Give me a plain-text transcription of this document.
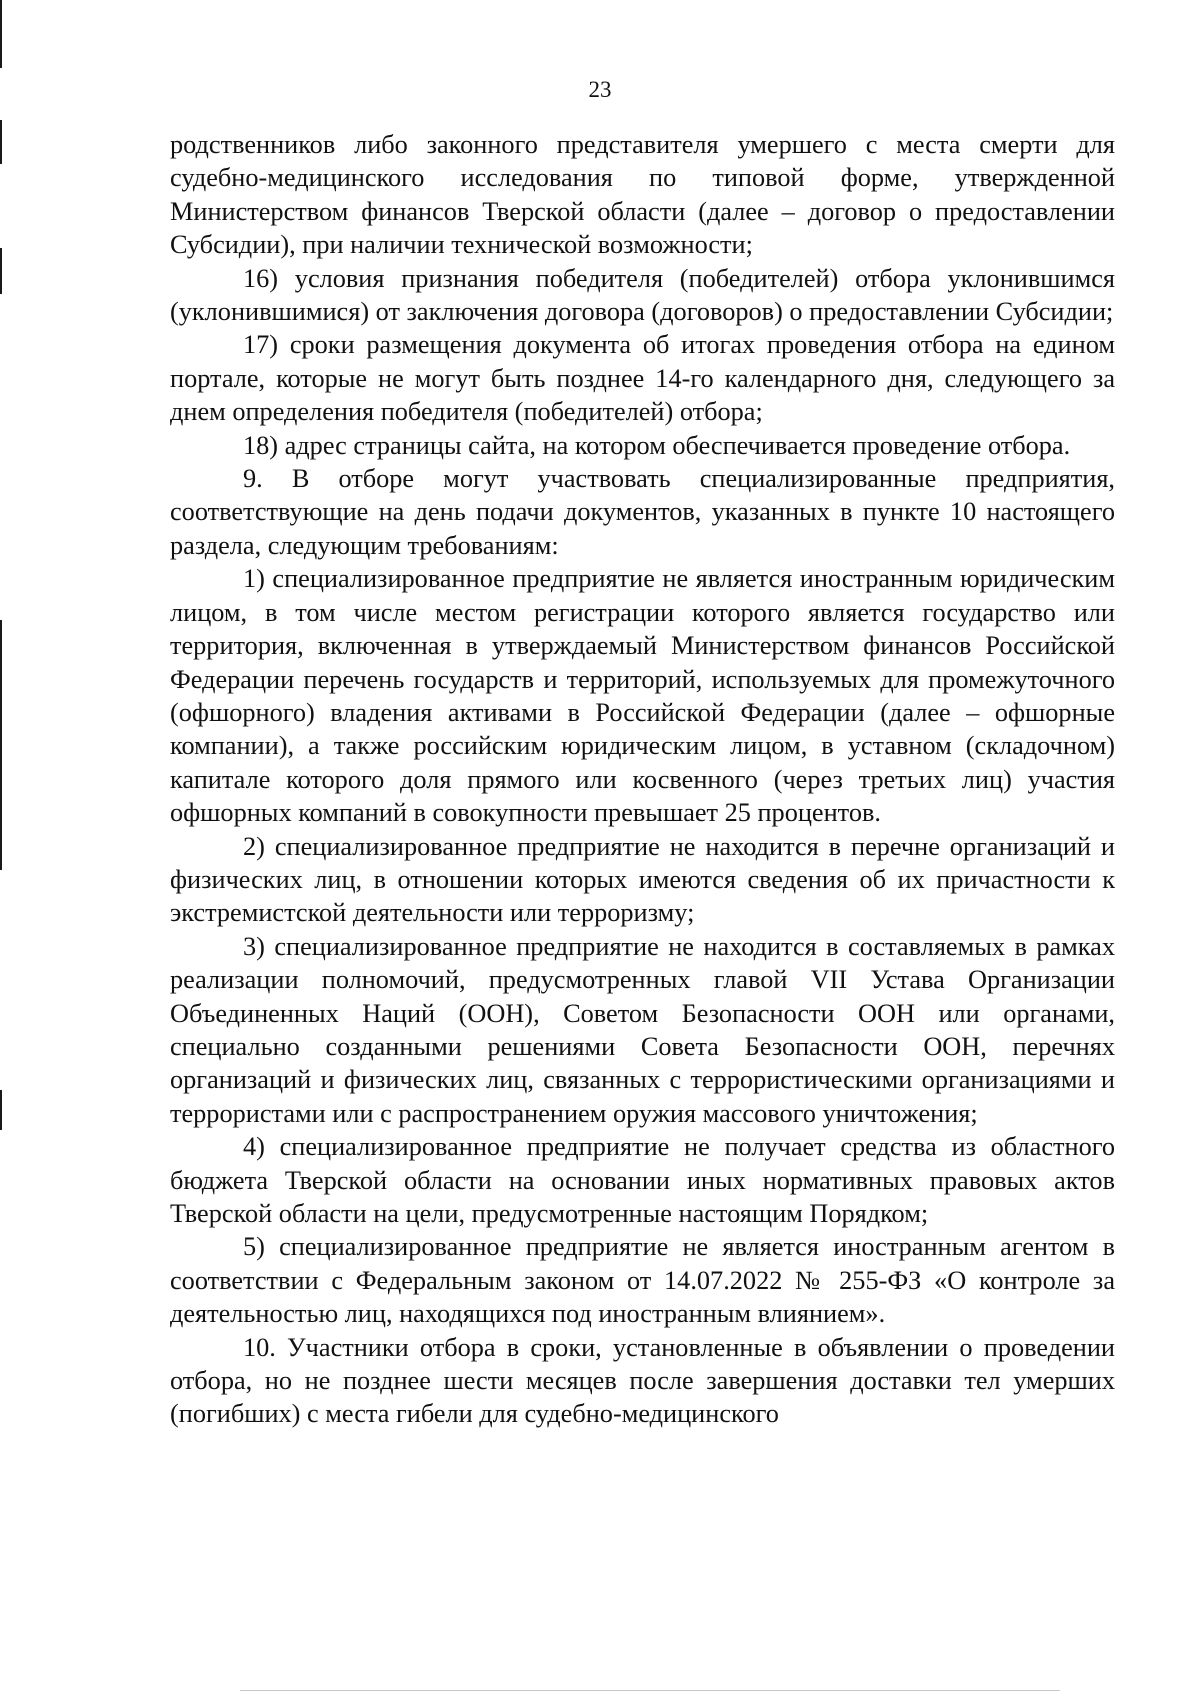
23

родственников либо законного представителя умершего с места смерти для судебно-медицинского исследования по типовой форме, утвержденной Министерством финансов Тверской области (далее – договор о предоставлении Субсидии), при наличии технической возможности;

16) условия признания победителя (победителей) отбора уклонившимся (уклонившимися) от заключения договора (договоров) о предоставлении Субсидии;

17) сроки размещения документа об итогах проведения отбора на едином портале, которые не могут быть позднее 14-го календарного дня, следующего за днем определения победителя (победителей) отбора;

18) адрес страницы сайта, на котором обеспечивается проведение отбора.

9. В отборе могут участвовать специализированные предприятия, соответствующие на день подачи документов, указанных в пункте 10 настоящего раздела, следующим требованиям:

1) специализированное предприятие не является иностранным юридическим лицом, в том числе местом регистрации которого является государство или территория, включенная в утверждаемый Министерством финансов Российской Федерации перечень государств и территорий, используемых для промежуточного (офшорного) владения активами в Российской Федерации (далее – офшорные компании), а также российским юридическим лицом, в уставном (складочном) капитале которого доля прямого или косвенного (через третьих лиц) участия офшорных компаний в совокупности превышает 25 процентов.

2) специализированное предприятие не находится в перечне организаций и физических лиц, в отношении которых имеются сведения об их причастности к экстремистской деятельности или терроризму;

3) специализированное предприятие не находится в составляемых в рамках реализации полномочий, предусмотренных главой VII Устава Организации Объединенных Наций (ООН), Советом Безопасности ООН или органами, специально созданными решениями Совета Безопасности ООН, перечнях организаций и физических лиц, связанных с террористическими организациями и террористами или с распространением оружия массового уничтожения;

4) специализированное предприятие не получает средства из областного бюджета Тверской области на основании иных нормативных правовых актов Тверской области на цели, предусмотренные настоящим Порядком;

5) специализированное предприятие не является иностранным агентом в соответствии с Федеральным законом от 14.07.2022 № 255-ФЗ «О контроле за деятельностью лиц, находящихся под иностранным влиянием».

10. Участники отбора в сроки, установленные в объявлении о проведении отбора, но не позднее шести месяцев после завершения доставки тел умерших (погибших) с места гибели для судебно-медицинского
